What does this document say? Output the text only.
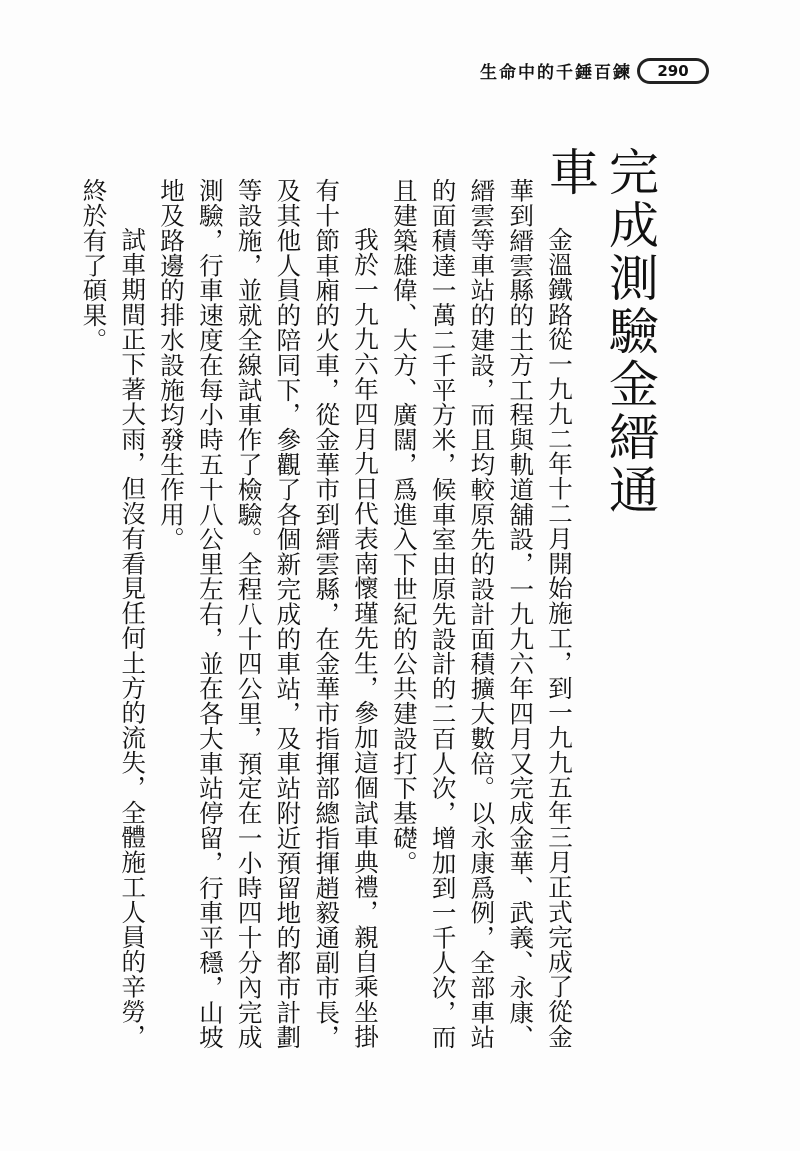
生命中的千錘百鍊	290
完成測驗金縉通車

金溫鐵路從一九九二年十二月開始施工，到一九九五年三月正式完成了從金華到縉雲縣的土方工程與軌道舖設，一九九六年四月又完成金華、武義、永康、縉雲等車站的建設，而且均較原先的設計面積擴大數倍。以永康爲例，全部車站的面積達一萬二千平方米，候車室由原先設計的二百人次，增加到一千人次，而且建築雄偉、大方、廣闊，爲進入下世紀的公共建設打下基礎。

我於一九九六年四月九日代表南懷瑾先生，參加這個試車典禮，親自乘坐掛有十節車廂的火車，從金華市到縉雲縣，在金華市指揮部總指揮趙毅通副市長，及其他人員的陪同下，參觀了各個新完成的車站，及車站附近預留地的都市計劃等設施，並就全線試車作了檢驗。全程八十四公里，預定在一小時四十分內完成測驗，行車速度在每小時五十八公里左右，並在各大車站停留，行車平穩，山坡地及路邊的排水設施均發生作用。

試車期間正下著大雨，但沒有看見任何土方的流失，全體施工人員的辛勞，終於有了碩果。
